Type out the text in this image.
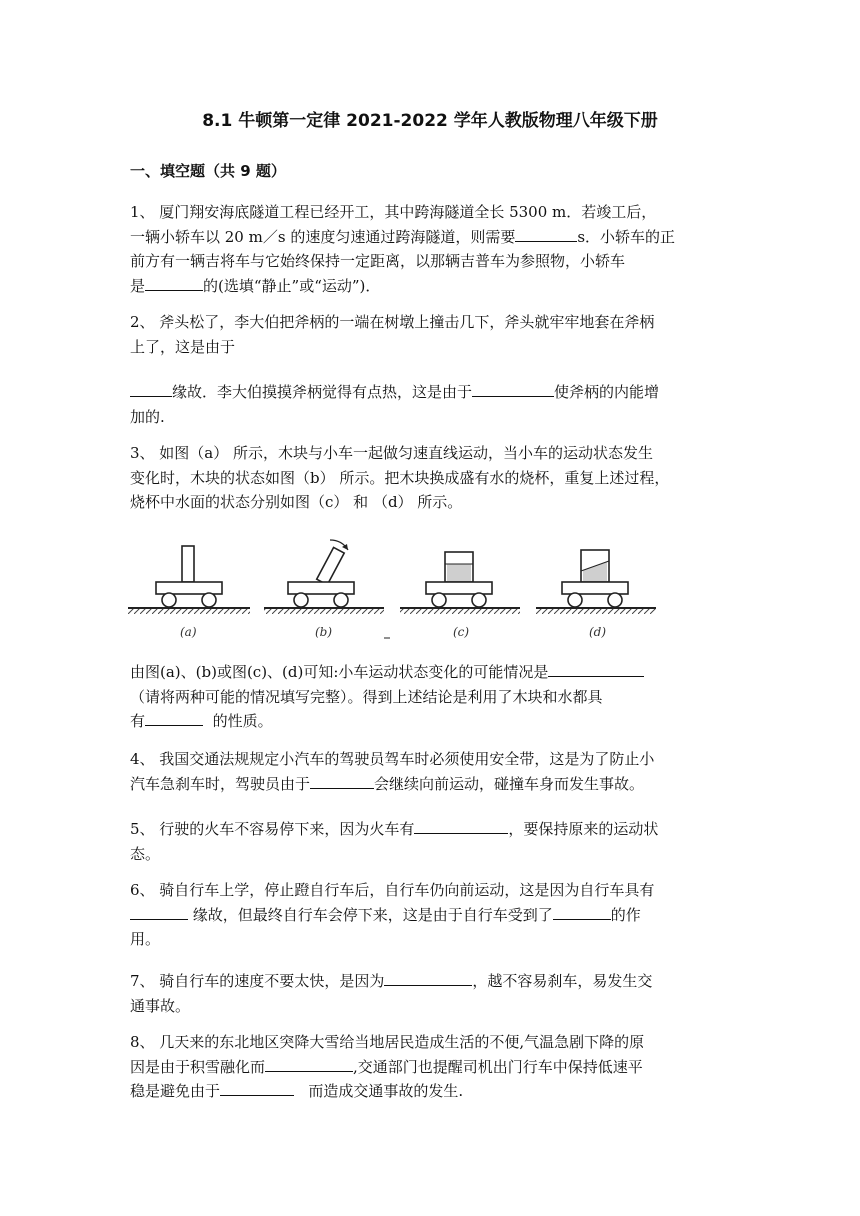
8.1 牛顿第一定律 2021-2022 学年人教版物理八年级下册
一、填空题（共 9 题）
1、 厦门翔安海底隧道工程已经开工，其中跨海隧道全长 5300 m．若竣工后，
一辆小轿车以 20 m／s 的速度匀速通过跨海隧道，则需要	s．小轿车的正
前方有一辆吉将车与它始终保持一定距离，以那辆吉普车为参照物，小轿车
是	的(选填“静止”或“运动”)．
2、 斧头松了，李大伯把斧柄的一端在树墩上撞击几下，斧头就牢牢地套在斧柄
上了，这是由于
缘故．李大伯摸摸斧柄觉得有点热，这是由于	使斧柄的内能增
加的.
3、 如图（a） 所示，木块与小车一起做匀速直线运动，当小车的运动状态发生
变化时，木块的状态如图（b） 所示。把木块换成盛有水的烧杯，重复上述过程，
烧杯中水面的状态分别如图（c） 和 （d） 所示。
(a)	(b)	(c)	(d)
由图(a)、(b)或图(c)、(d)可知:小车运动状态变化的可能情况是
（请将两种可能的情况填写完整）。得到上述结论是利用了木块和水都具
有	的性质。
4、 我国交通法规规定小汽车的驾驶员驾车时必须使用安全带，这是为了防止小
汽车急刹车时，驾驶员由于	会继续向前运动，碰撞车身而发生事故。
5、 行驶的火车不容易停下来，因为火车有	，要保持原来的运动状
态。
6、 骑自行车上学，停止蹬自行车后，自行车仍向前运动，这是因为自行车具有
缘故，但最终自行车会停下来，这是由于自行车受到了	的作
用。
7、 骑自行车的速度不要太快，是因为	，越不容易刹车，易发生交
通事故。
8、 几天来的东北地区突降大雪给当地居民造成生活的不便,气温急剧下降的原
因是由于积雪融化而	,交通部门也提醒司机出门行车中保持低速平
稳是避免由于	而造成交通事故的发生.
